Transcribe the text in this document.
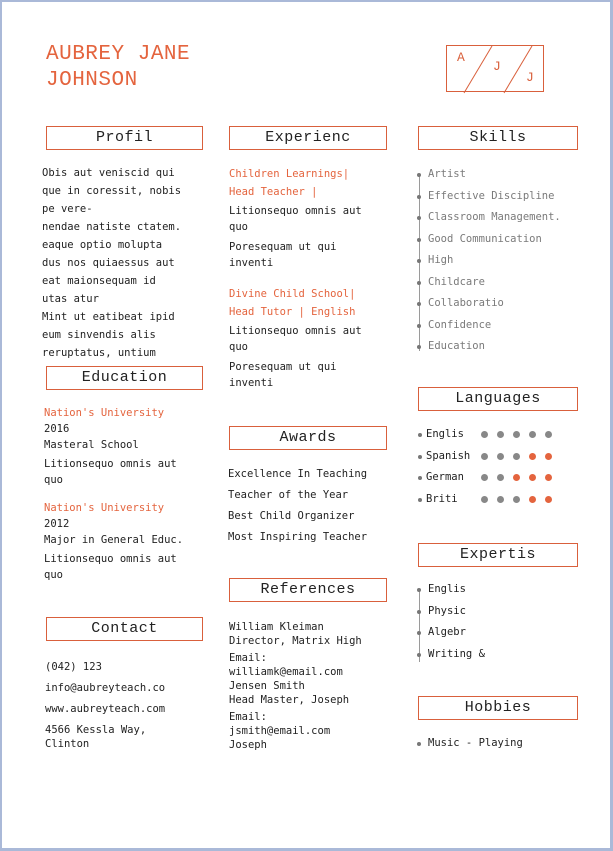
AUBREY JANE
JOHNSON
A
J
J
Profil
Obis aut veniscid qui
que in coressit, nobis
pe vere-
nendae natiste ctatem.
eaque optio molupta
dus nos quiaessus aut
eat maionsequam id
utas atur
Mint ut eatibeat ipid
eum sinvendis alis
reruptatus, untium
Education
Nation's University
2016
Masteral School
Litionsequo omnis aut
quo
Nation's University
2012
Major in General Educ.
Litionsequo omnis aut
quo
Contact
(042) 123
info@aubreyteach.co
www.aubreyteach.com
4566 Kessla Way,
Clinton
Experienc
Children Learnings|
Head Teacher |
Litionsequo omnis aut
quo
Poresequam ut qui
inventi
Divine Child School|
Head Tutor | English
Litionsequo omnis aut
quo
Poresequam ut qui
inventi
Awards
Excellence In Teaching
Teacher of the Year
Best Child Organizer
Most Inspiring Teacher
References
William Kleiman
Director, Matrix High
Email:
williamk@email.com
Jensen Smith
Head Master, Joseph
Email:
jsmith@email.com
Joseph
Skills
Artist
Effective Discipline
Classroom Management.
Good Communication
High
Childcare
Collaboratio
Confidence
Education
Languages
Englis
Spanish
German
Briti
Expertis
Englis
Physic
Algebr
Writing &
Hobbies
Music - Playing
